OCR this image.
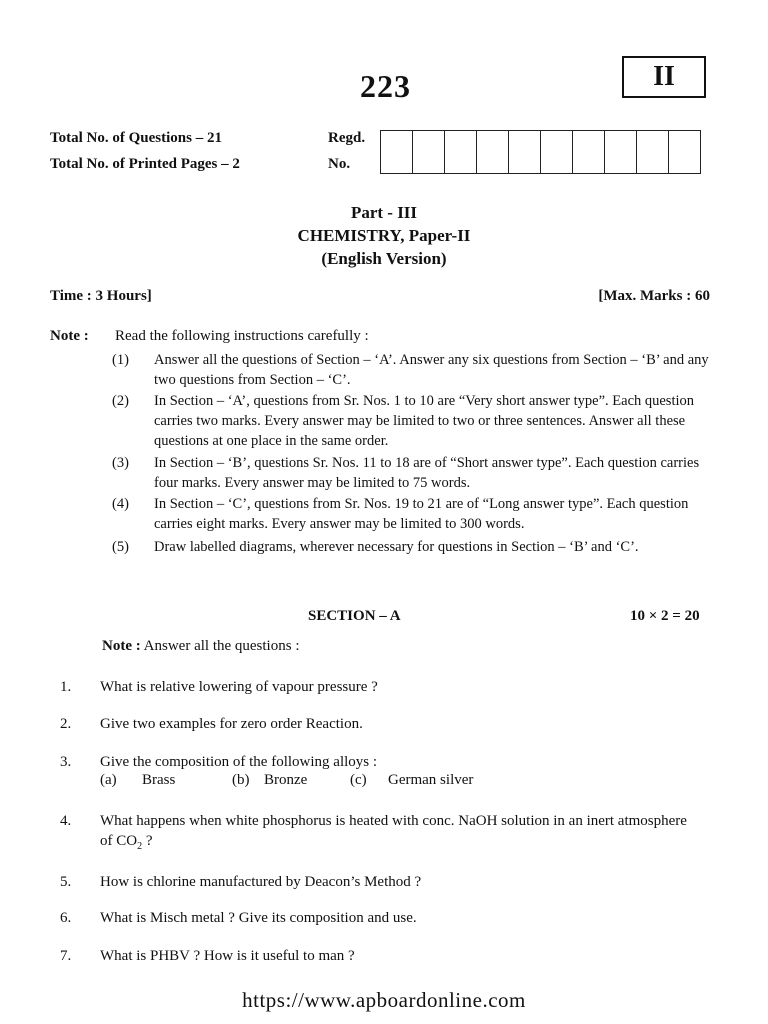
223	II
Total No. of Questions – 21
Total No. of Printed Pages – 2
Regd.
No.
Part - III
CHEMISTRY, Paper-II
(English Version)
Time : 3 Hours]	[Max. Marks : 60
Note : Read the following instructions carefully :
(1)	Answer all the questions of Section – ‘A’. Answer any six questions from Section – ‘B’ and any two questions from Section – ‘C’.
(2)	In Section – ‘A’, questions from Sr. Nos. 1 to 10 are “Very short answer type”. Each question carries two marks. Every answer may be limited to two or three sentences. Answer all these questions at one place in the same order.
(3)	In Section – ‘B’, questions Sr. Nos. 11 to 18 are of “Short answer type”. Each question carries four marks. Every answer may be limited to 75 words.
(4)	In Section – ‘C’, questions from Sr. Nos. 19 to 21 are of “Long answer type”. Each question carries eight marks. Every answer may be limited to 300 words.
(5)	Draw labelled diagrams, wherever necessary for questions in Section – ‘B’ and ‘C’.
SECTION – A	10 × 2 = 20
Note : Answer all the questions :
1.	What is relative lowering of vapour pressure ?
2.	Give two examples for zero order Reaction.
3.	Give the composition of the following alloys :
(a)	Brass	(b) Bronze	(c)	German silver
4.	What happens when white phosphorus is heated with conc. NaOH solution in an inert atmosphere of $CO_2$ ?
5.	How is chlorine manufactured by Deacon’s Method ?
6.	What is Misch metal ? Give its composition and use.
7.	What is PHBV ? How is it useful to man ?
https://www.apboardonline.com
